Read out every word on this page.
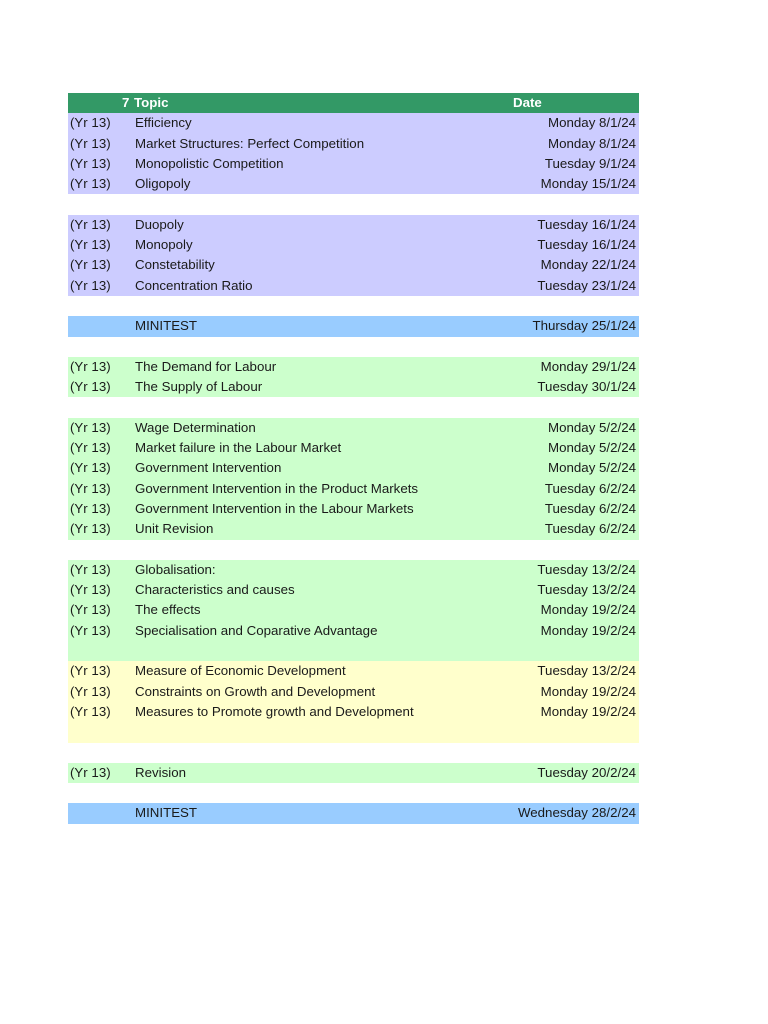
7 Topic	Date
(Yr 13) Efficiency	Monday 8/1/24
(Yr 13) Market Structures: Perfect Competition	Monday 8/1/24
(Yr 13) Monopolistic Competition	Tuesday 9/1/24
(Yr 13) Oligopoly	Monday 15/1/24
(Yr 13) Duopoly	Tuesday 16/1/24
(Yr 13) Monopoly	Tuesday 16/1/24
(Yr 13) Constetability	Monday 22/1/24
(Yr 13) Concentration Ratio	Tuesday 23/1/24
MINITEST	Thursday 25/1/24
(Yr 13) The Demand for Labour	Monday 29/1/24
(Yr 13) The Supply of Labour	Tuesday 30/1/24
(Yr 13) Wage Determination	Monday 5/2/24
(Yr 13) Market failure in the Labour Market	Monday 5/2/24
(Yr 13) Government Intervention	Monday 5/2/24
(Yr 13) Government Intervention in the Product Markets	Tuesday 6/2/24
(Yr 13) Government Intervention in the Labour Markets	Tuesday 6/2/24
(Yr 13) Unit Revision	Tuesday 6/2/24
(Yr 13) Globalisation:	Tuesday 13/2/24
(Yr 13) Characteristics and causes	Tuesday 13/2/24
(Yr 13) The effects	Monday 19/2/24
(Yr 13) Specialisation and Coparative Advantage	Monday 19/2/24
(Yr 13) Measure of Economic Development	Tuesday 13/2/24
(Yr 13) Constraints on Growth and Development	Monday 19/2/24
(Yr 13) Measures to Promote growth and Development	Monday 19/2/24
(Yr 13) Revision	Tuesday 20/2/24
MINITEST	Wednesday 28/2/24
